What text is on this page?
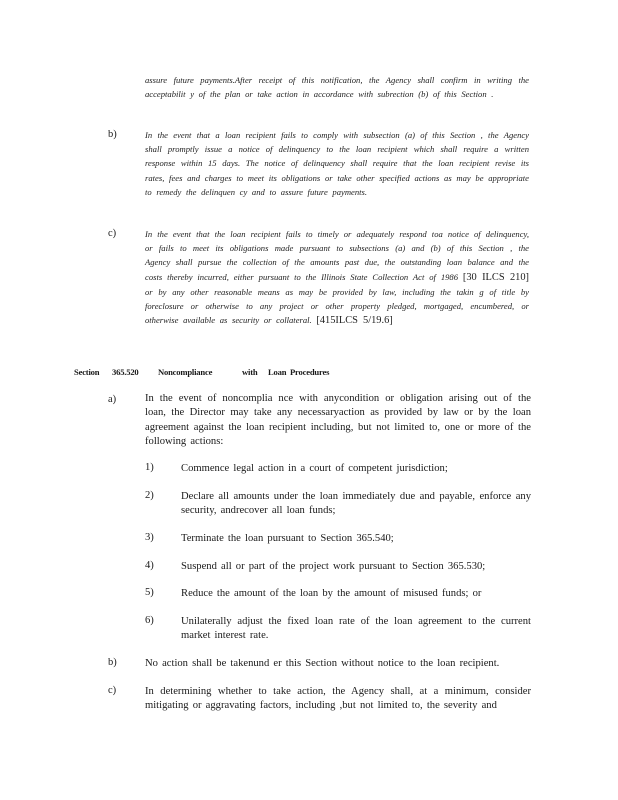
assure future payments.After receipt of this notification, the Agency shall confirm in writing the acceptabilit y of the plan or take action in accordance with subrection (b) of this Section .
b)	In the event that a loan recipient fails to comply with subsection (a) of this Section , the Agency shall promptly issue a notice of delinquency to the loan recipient which shall require a written response within 15 days. The notice of delinquency shall require that the loan recipient revise its rates, fees and charges to meet its obligations or take other specified actions as may be appropriate to remedy the delinquen cy and to assure future payments.
c)	In the event that the loan recipient fails to timely or adequately respond toa notice of delinquency, or fails to meet its obligations made pursuant to subsections (a) and (b) of this Section , the Agency shall pursue the collection of the amounts past due, the outstanding loan balance and the costs thereby incurred, either pursuant to the Illinois State Collection Act of 1986 [30 ILCS 210] or by any other reasonable means as may be provided by law, including the takin g of title by foreclosure or otherwise to any project or other property pledged, mortgaged, encumbered, or otherwise available as security or collateral. [415ILCS 5/19.6]
Section 365.520 Noncompliance	with Loan Procedures
a)	In the event of noncomplia nce with anycondition or obligation arising out of the loan, the Director may take any necessaryaction as provided by law or by the loan agreement against the loan recipient including, but not limited to, one or more of the following actions:
1)	Commence legal action in a court of competent jurisdiction;
2)	Declare all amounts under the loan immediately due and payable, enforce any security, andrecover all loan funds;
3)	Terminate the loan pursuant to Section 365.540;
4)	Suspend all or part of the project work pursuant to Section 365.530;
5)	Reduce the amount of the loan by the amount of misused funds; or
6)	Unilaterally adjust the fixed loan rate of the loan agreement to the current market interest rate.
b)	No action shall be takenund er this Section without notice to the loan recipient.
c)	In determining whether to take action, the Agency shall, at a minimum, consider mitigating or aggravating factors, including ,but not limited to, the severity and
